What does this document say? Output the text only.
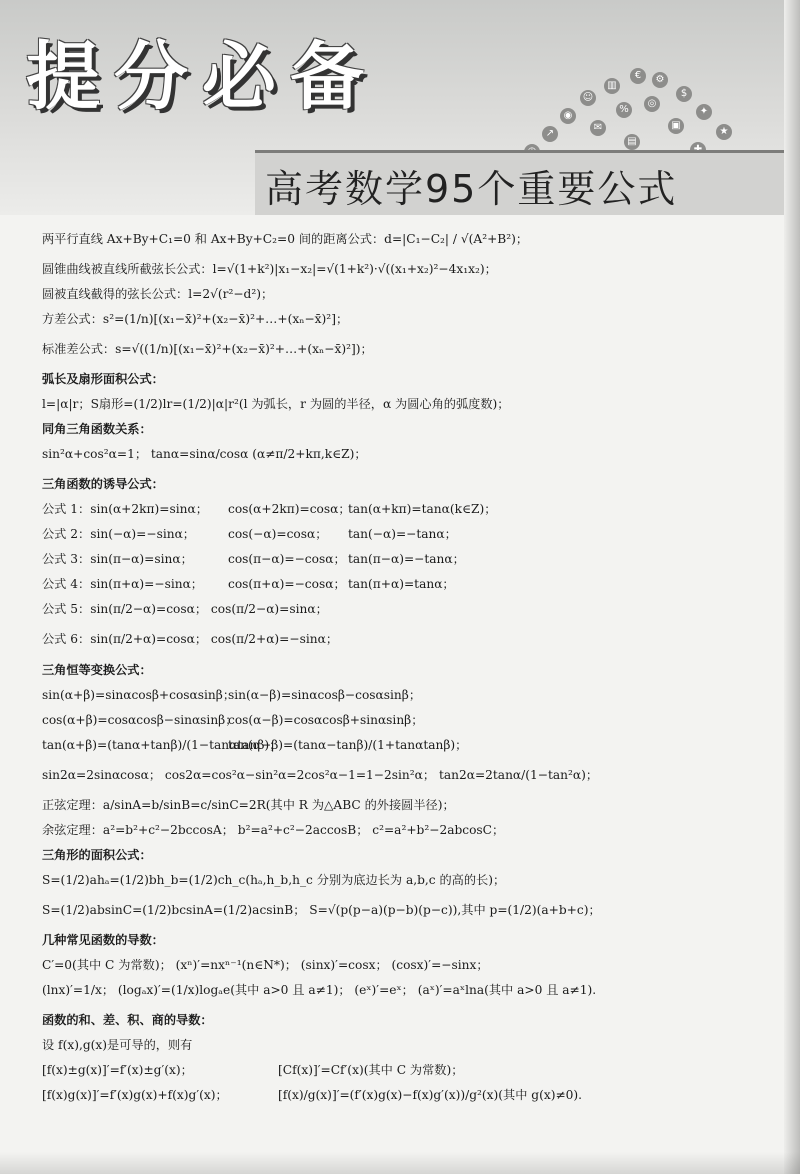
提分必备	€	⚙
▥
☺	$
%
◎
✦
◉
↗
✉	▣
★
▤
高考数学95个重要公式
两平行直线 Ax+By+C₁=0 和 Ax+By+C₂=0 间的距离公式：d=|C₁−C₂| / √(A²+B²)；
圆锥曲线被直线所截弦长公式：l=√(1+k²)|x₁−x₂|=√(1+k²)·√((x₁+x₂)²−4x₁x₂)；
圆被直线截得的弦长公式：l=2√(r²−d²)；
方差公式：s²=(1/n)[(x₁−x̄)²+(x₂−x̄)²+…+(xₙ−x̄)²]；
标准差公式：s=√((1/n)[(x₁−x̄)²+(x₂−x̄)²+…+(xₙ−x̄)²])；
弧长及扇形面积公式：
l=|α|r；S扇形=(1/2)lr=(1/2)|α|r²(l 为弧长，r 为圆的半径，α 为圆心角的弧度数)；
同角三角函数关系：
sin²α+cos²α=1； tanα=sinα/cosα (α≠π/2+kπ,k∈Z)；
三角函数的诱导公式：
公式 1：sin(α+2kπ)=sinα； cos(α+2kπ)=cosα；tan(α+kπ)=tanα(k∈Z)；
公式 2：sin(−α)=−sinα；	cos(−α)=cosα； tan(−α)=−tanα；
公式 3：sin(π−α)=sinα；	cos(π−α)=−cosα； tan(π−α)=−tanα；
公式 4：sin(π+α)=−sinα； cos(π+α)=−cosα； tan(π+α)=tanα；
公式 5：sin(π/2−α)=cosα； cos(π/2−α)=sinα；
公式 6：sin(π/2+α)=cosα； cos(π/2+α)=−sinα；
三角恒等变换公式：
sin(α+β)=sinαcosβ+cosαsinβ；sin(α−β)=sinαcosβ−cosαsinβ；
cos(α+β)=cosαcosβ−sinαsinβ；cos(α−β)=cosαcosβ+sinαsinβ；
tan(α+β)=(tanα+tanβ)/(1−tanαtanβ)；tan(α−β)=(tanα−tanβ)/(1+tanαtanβ)；
sin2α=2sinαcosα； cos2α=cos²α−sin²α=2cos²α−1=1−2sin²α； tan2α=2tanα/(1−tan²α)；
正弦定理：a/sinA=b/sinB=c/sinC=2R(其中 R 为△ABC 的外接圆半径)；
余弦定理：a²=b²+c²−2bccosA； b²=a²+c²−2accosB； c²=a²+b²−2abcosC；
三角形的面积公式：
S=(1/2)ahₐ=(1/2)bh_b=(1/2)ch_c(hₐ,h_b,h_c 分别为底边长为 a,b,c 的高的长)；
S=(1/2)absinC=(1/2)bcsinA=(1/2)acsinB； S=√(p(p−a)(p−b)(p−c)),其中 p=(1/2)(a+b+c)；
几种常见函数的导数：
C′=0(其中 C 为常数)； (xⁿ)′=nxⁿ⁻¹(n∈N*)； (sinx)′=cosx； (cosx)′=−sinx；
(lnx)′=1/x； (logₐx)′=(1/x)logₐe(其中 a>0 且 a≠1)； (eˣ)′=eˣ； (aˣ)′=aˣlna(其中 a>0 且 a≠1).
函数的和、差、积、商的导数：
设 f(x),g(x)是可导的，则有
[f(x)±g(x)]′=f′(x)±g′(x)；	[Cf(x)]′=Cf′(x)(其中 C 为常数)；
[f(x)g(x)]′=f′(x)g(x)+f(x)g′(x)；	[f(x)/g(x)]′=(f′(x)g(x)−f(x)g′(x))/g²(x)(其中 g(x)≠0).
